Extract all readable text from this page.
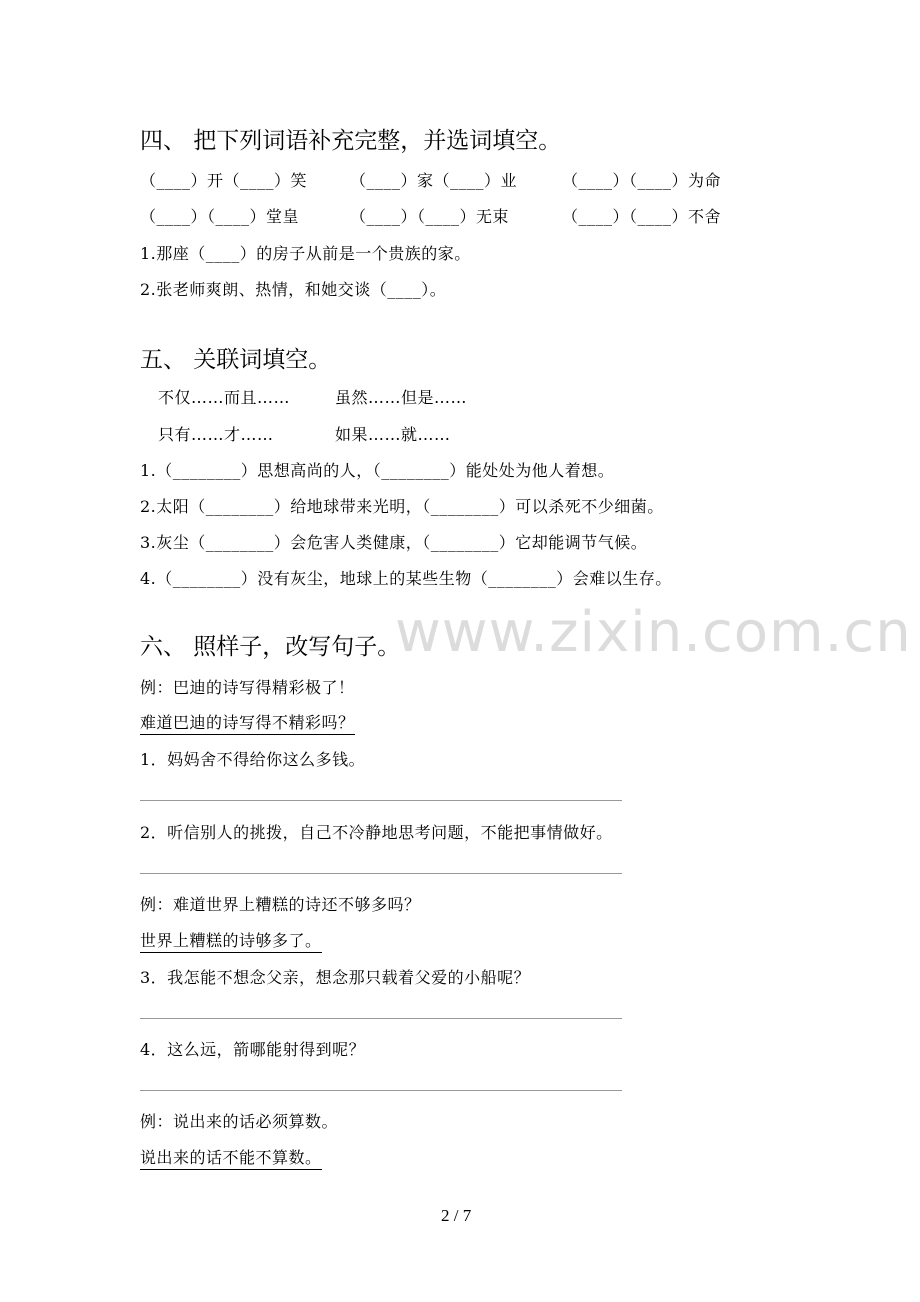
www.zixin.com.cn
四、 把下列词语补充完整，并选词填空。
（____）开（____）笑	（____）家（____）业	（____）（____）为命
（____）（____）堂皇	（____）（____）无束	（____）（____）不舍
1.那座（____）的房子从前是一个贵族的家。
2.张老师爽朗、热情，和她交谈（____）。
五、 关联词填空。
不仅……而且……	虽然……但是……
只有……才……	如果……就……
1.（________）思想高尚的人，（________）能处处为他人着想。
2.太阳（________）给地球带来光明，（________）可以杀死不少细菌。
3.灰尘（________）会危害人类健康，（________）它却能调节气候。
4.（________）没有灰尘，地球上的某些生物（________）会难以生存。
六、 照样子，改写句子。
例：巴迪的诗写得精彩极了！
难道巴迪的诗写得不精彩吗？
1．妈妈舍不得给你这么多钱。
2．听信别人的挑拨，自己不冷静地思考问题，不能把事情做好。
例：难道世界上糟糕的诗还不够多吗？
世界上糟糕的诗够多了。
3．我怎能不想念父亲，想念那只载着父爱的小船呢？
4．这么远，箭哪能射得到呢？
例：说出来的话必须算数。
说出来的话不能不算数。
2 / 7
